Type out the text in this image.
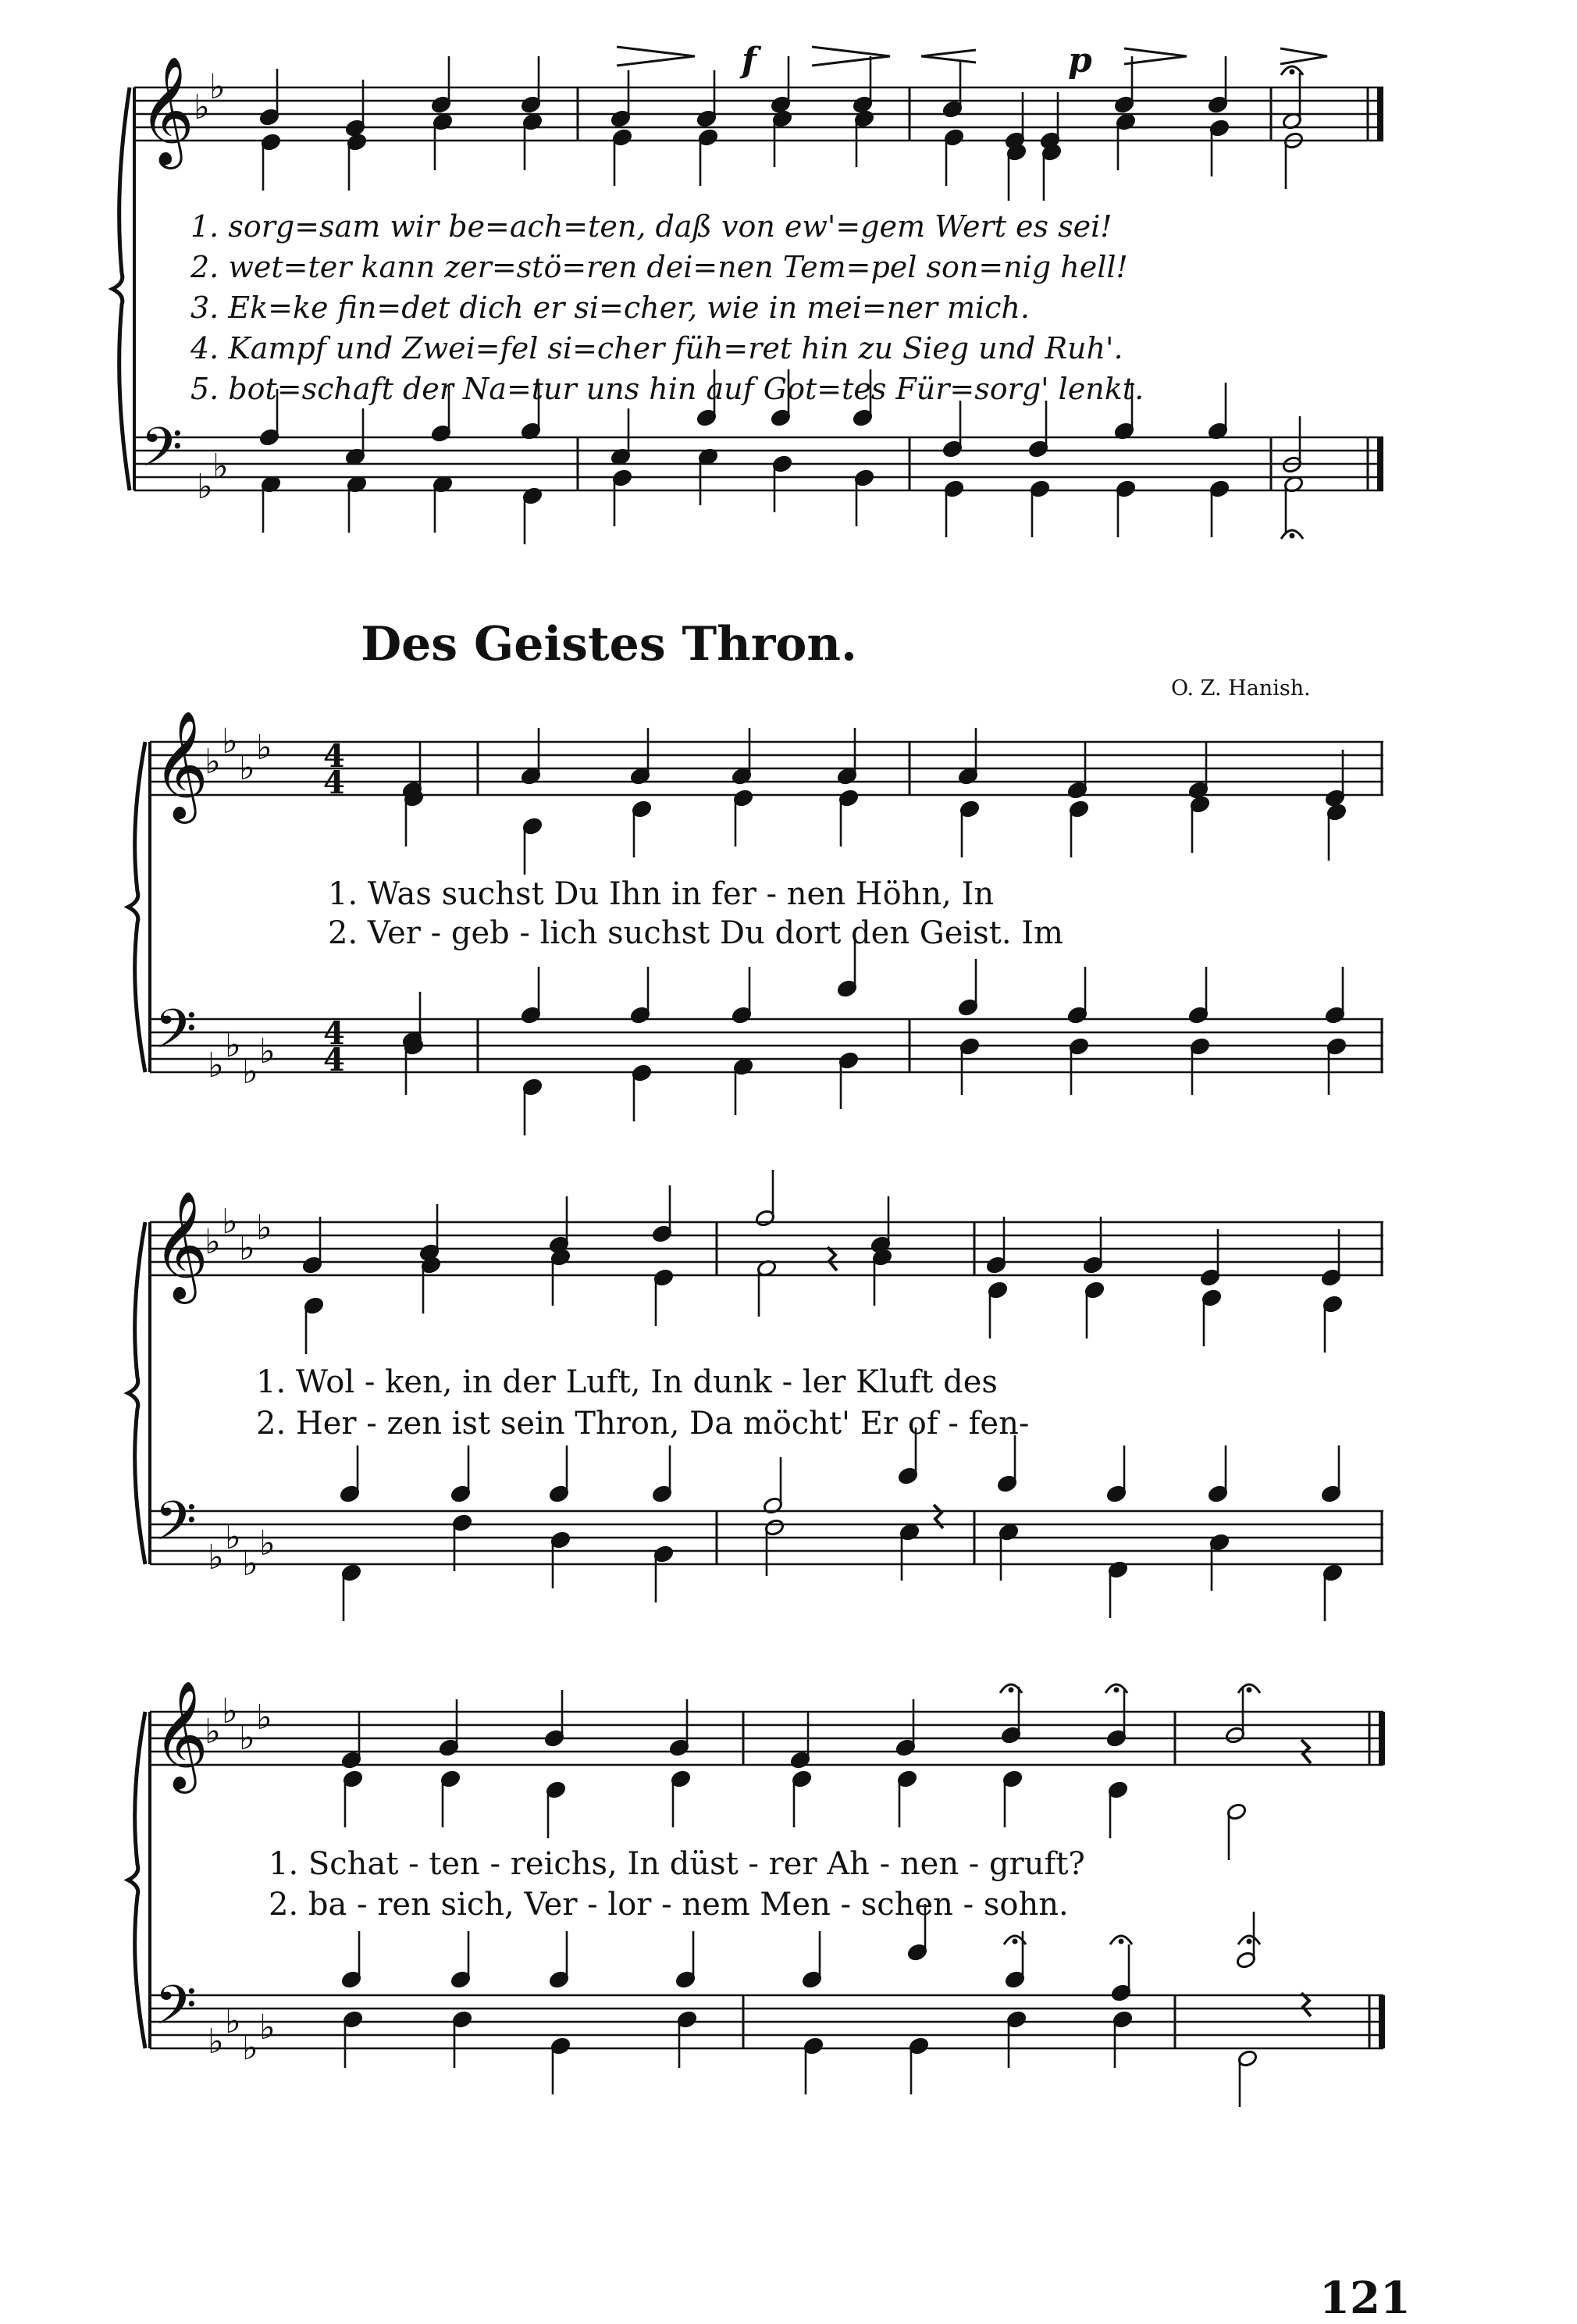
𝄞
𝄢
♭
♭
♭
♭
𝄞
𝄢
♭
♭
♭
♭
♭
♭
♭
♭
4
4
4
4
𝄞
𝄢
♭
♭
♭
♭
♭
♭
♭
♭
𝄞
𝄢
♭
♭
♭
♭
♭
♭
♭
♭
f	p
1. sorg=sam wir be=ach=ten, daß von ew'=gem Wert es sei!
2. wet=ter kann zer=stö=ren dei=nen Tem=pel son=nig hell!
3. Ek=ke fin=det dich er si=cher, wie in mei=ner mich.
4. Kampf und Zwei=fel si=cher füh=ret hin zu Sieg und Ruh'.
5. bot=schaft der Na=tur uns hin auf Got=tes Für=sorg' lenkt.
Des Geistes Thron.
O. Z. Hanish.
1. Was suchst Du Ihn in fer - nen Höhn, In
2. Ver - geb - lich suchst Du dort den Geist. Im
1. Wol - ken, in der Luft, In dunk - ler Kluft des
2. Her - zen ist sein Thron, Da möcht' Er of - fen-
1. Schat - ten - reichs, In düst - rer Ah - nen - gruft?
2. ba - ren sich, Ver - lor - nem Men - schen - sohn.
121
